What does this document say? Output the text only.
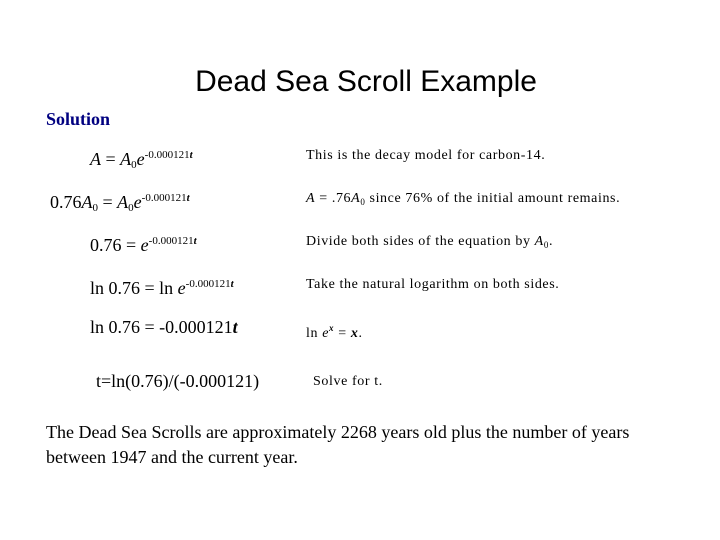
Dead Sea Scroll Example
Solution
$A = A_0e^{-0.000121t}$	This is the decay model for carbon-14.
$0.76A_0 = A_0e^{-0.000121t}$	$A = .76A_0$ since 76% of the initial amount remains.
$0.76 = e^{-0.000121t}$	Divide both sides of the equation by $A_0$.
$\ln 0.76 = \ln e^{-0.000121t}$	Take the natural logarithm on both sides.
ln 0.76 = -0.000121t	$\ln e^x = x$.
t=ln(0.76)/(-0.000121)	Solve for t.
The Dead Sea Scrolls are approximately 2268 years old plus the number of years between 1947 and the current year.
